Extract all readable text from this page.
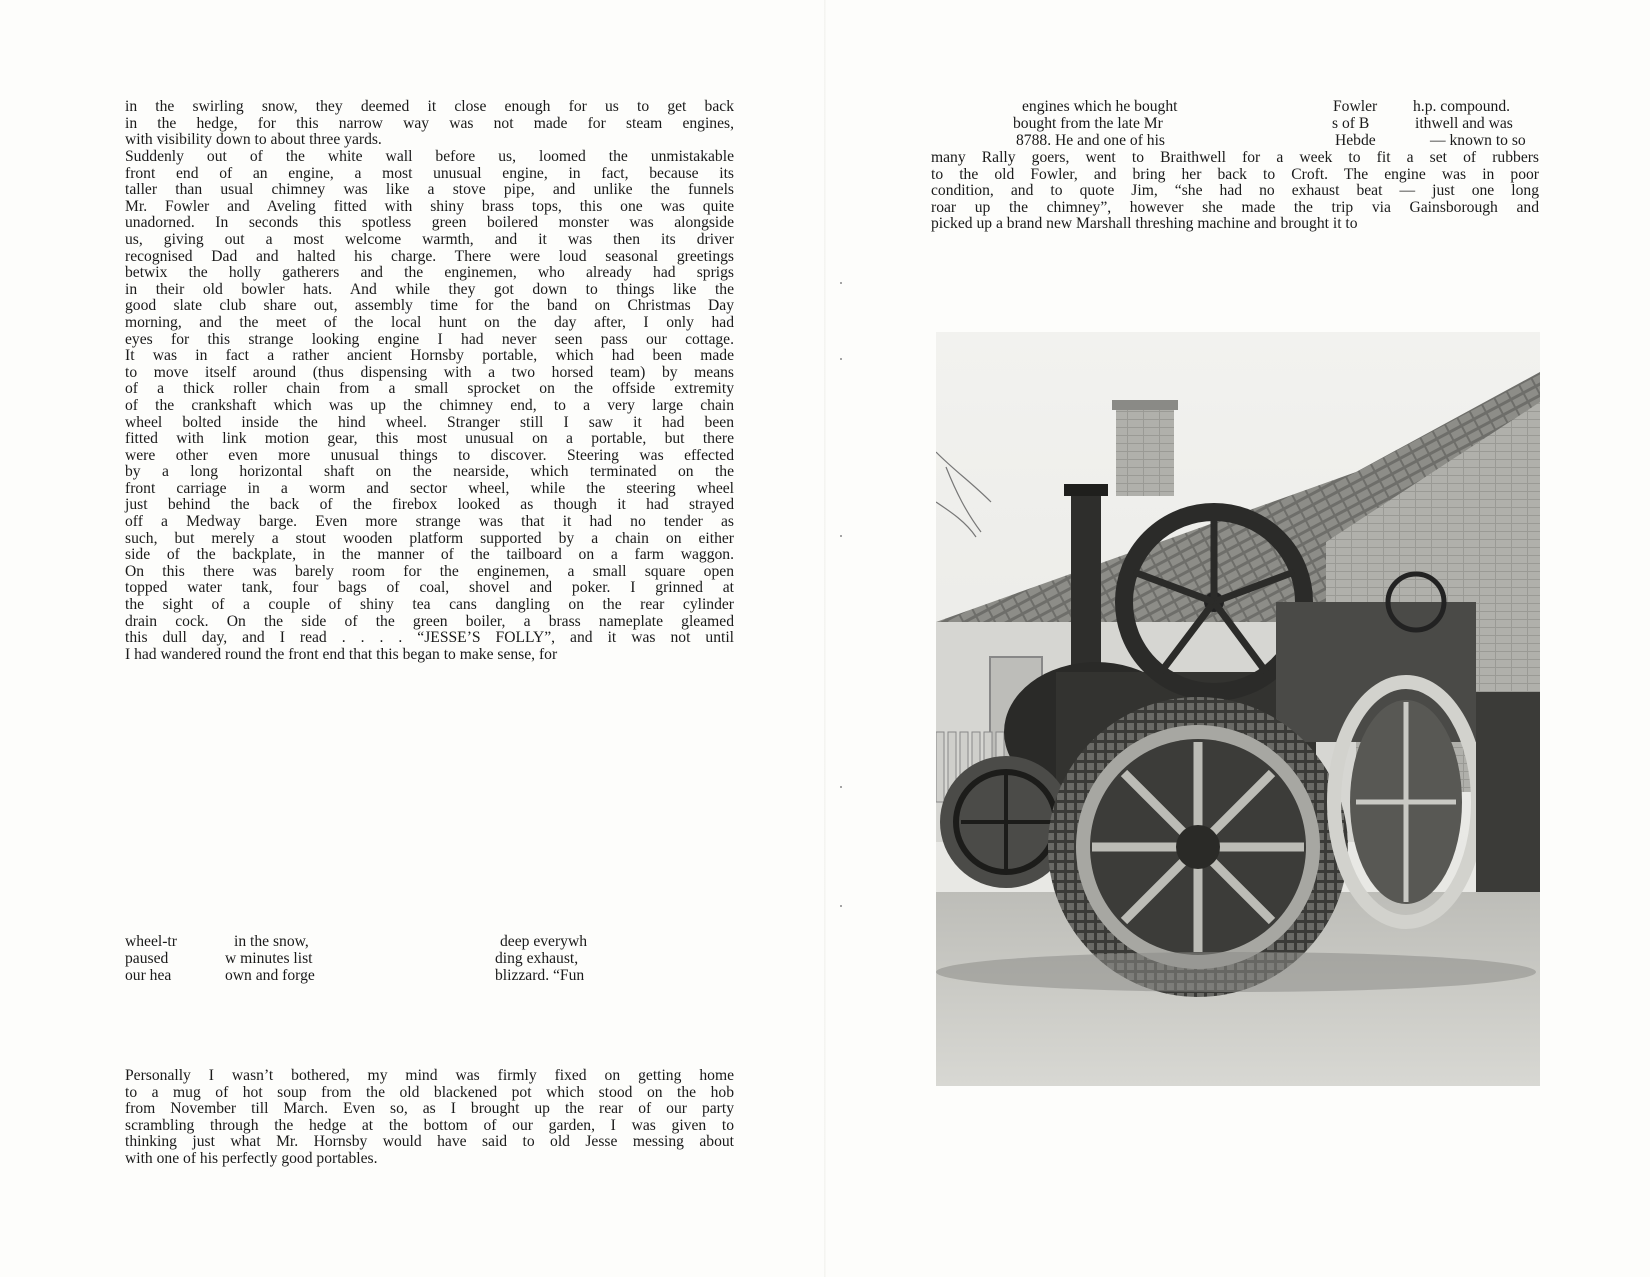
in the swirling snow, they deemed it close enough for us to get back
in the hedge, for this narrow way was not made for steam engines,
with visibility down to about three yards.
Suddenly out of the white wall before us, loomed the unmistakable
front end of an engine, a most unusual engine, in fact, because its
taller than usual chimney was like a stove pipe, and unlike the funnels
Mr. Fowler and Aveling fitted with shiny brass tops, this one was quite
unadorned. In seconds this spotless green boilered monster was alongside
us, giving out a most welcome warmth, and it was then its driver
recognised Dad and halted his charge. There were loud seasonal greetings
betwix the holly gatherers and the enginemen, who already had sprigs
in their old bowler hats. And while they got down to things like the
good slate club share out, assembly time for the band on Christmas Day
morning, and the meet of the local hunt on the day after, I only had
eyes for this strange looking engine I had never seen pass our cottage.
It was in fact a rather ancient Hornsby portable, which had been made
to move itself around (thus dispensing with a two horsed team) by means
of a thick roller chain from a small sprocket on the offside extremity
of the crankshaft which was up the chimney end, to a very large chain
wheel bolted inside the hind wheel. Stranger still I saw it had been
fitted with link motion gear, this most unusual on a portable, but there
were other even more unusual things to discover. Steering was effected
by a long horizontal shaft on the nearside, which terminated on the
front carriage in a worm and sector wheel, while the steering wheel
just behind the back of the firebox looked as though it had strayed
off a Medway barge. Even more strange was that it had no tender as
such, but merely a stout wooden platform supported by a chain on either
side of the backplate, in the manner of the tailboard on a farm waggon.
On this there was barely room for the enginemen, a small square open
topped water tank, four bags of coal, shovel and poker. I grinned at
the sight of a couple of shiny tea cans dangling on the rear cylinder
drain cock. On the side of the green boiler, a brass nameplate gleamed
this dull day, and I read . . . . “JESSE’S FOLLY”, and it was not until
I had wandered round the front end that this began to make sense, for
wheel-tr
paused
our hea
in the snow,
w minutes list
own and forge
deep everywh
ding exhaust,
blizzard. “Fun
Personally I wasn’t bothered, my mind was firmly fixed on getting home
to a mug of hot soup from the old blackened pot which stood on the hob
from November till March. Even so, as I brought up the rear of our party
scrambling through the hedge at the bottom of our garden, I was given to
thinking just what Mr. Hornsby would have said to old Jesse messing about
with one of his perfectly good portables.
engines which he bought
bought from the late Mr
8788. He and one of his
Fowler
s of B
Hebde
h.p. compound.
ithwell and was
— known to so
many Rally goers, went to Braithwell for a week to fit a set of rubbers
to the old Fowler, and bring her back to Croft. The engine was in poor
condition, and to quote Jim, “she had no exhaust beat — just one long
roar up the chimney”, however she made the trip via Gainsborough and
picked up a brand new Marshall threshing machine and brought it to
